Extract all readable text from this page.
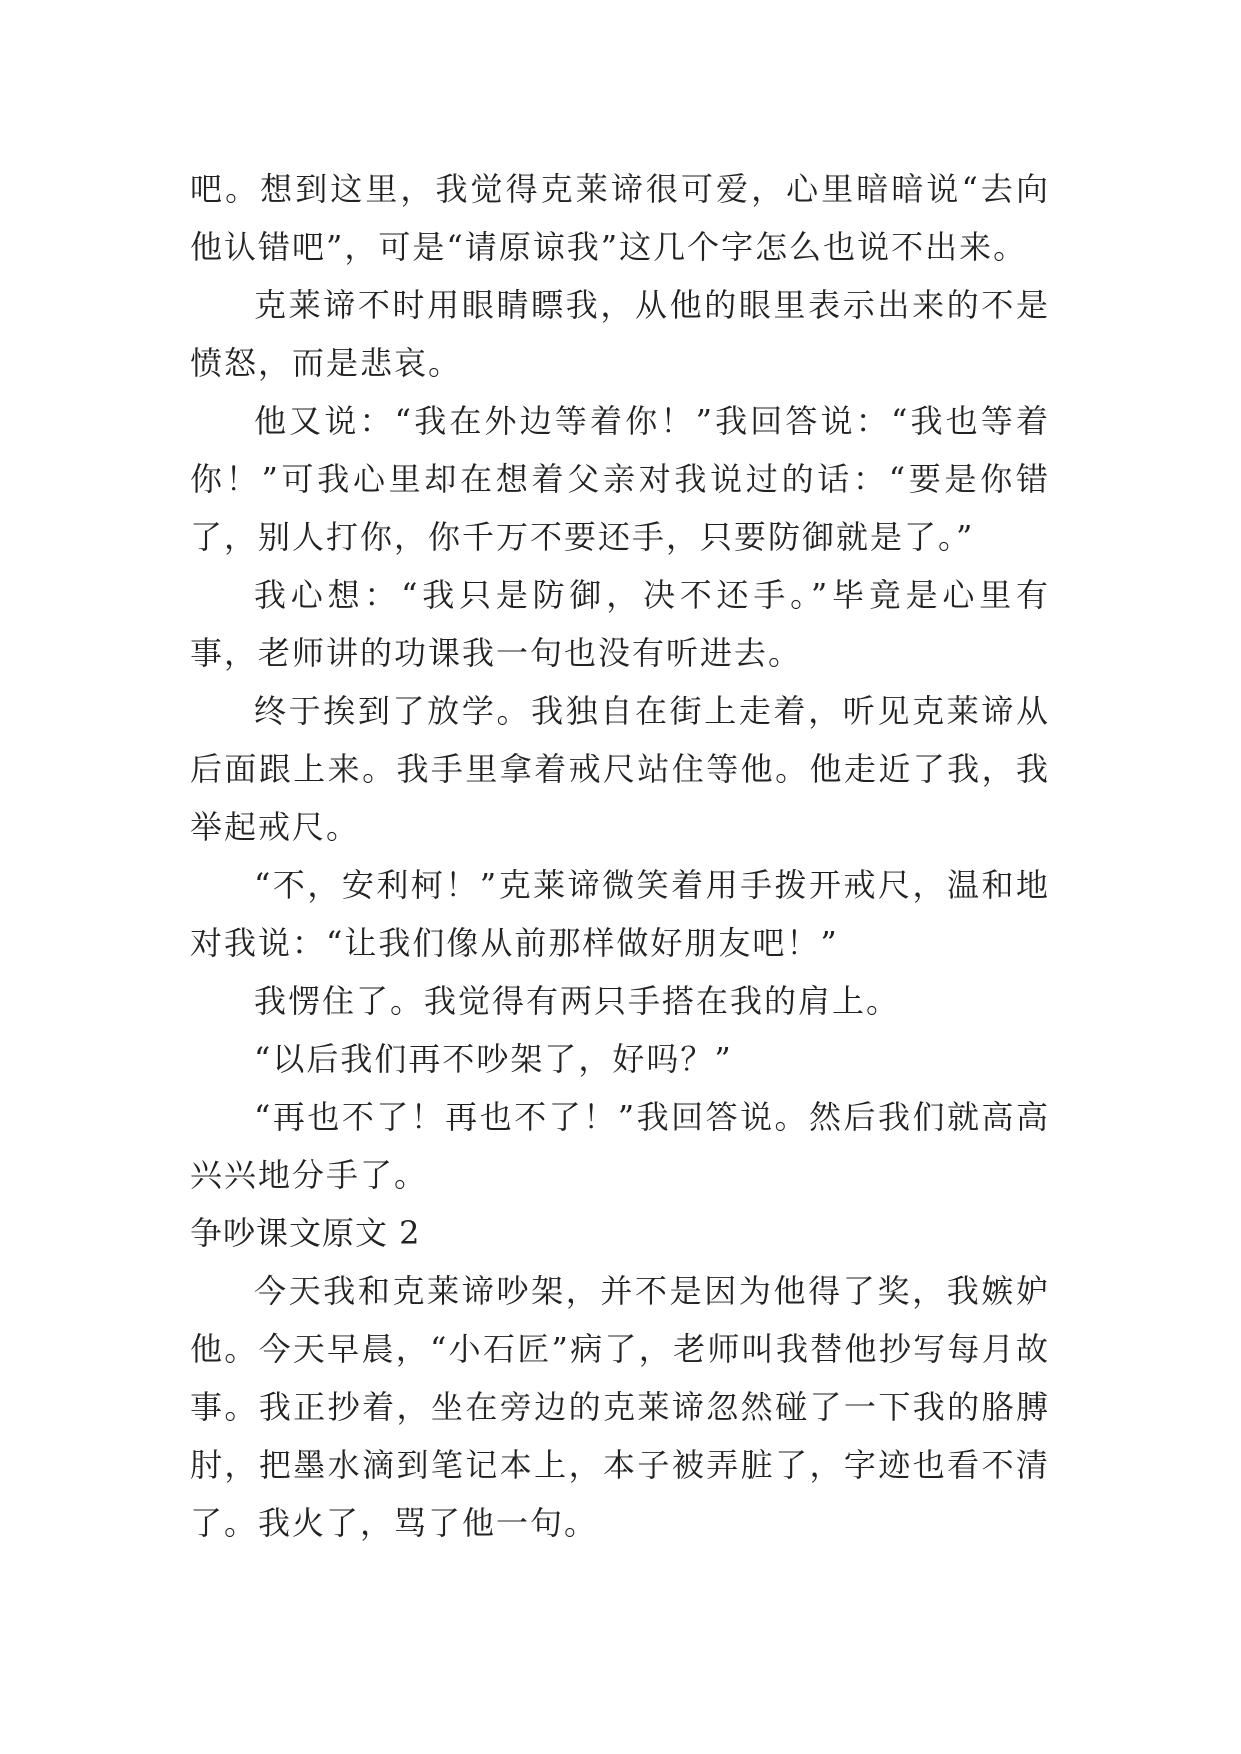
吧。想到这里，我觉得克莱谛很可爱，心里暗暗说“去向他认错吧”，可是“请原谅我”这几个字怎么也说不出来。

克莱谛不时用眼睛瞟我，从他的眼里表示出来的不是愤怒，而是悲哀。

他又说：“我在外边等着你！”我回答说：“我也等着你！”可我心里却在想着父亲对我说过的话：“要是你错了，别人打你，你千万不要还手，只要防御就是了。”

我心想：“我只是防御，决不还手。”毕竟是心里有事，老师讲的功课我一句也没有听进去。

终于挨到了放学。我独自在街上走着，听见克莱谛从后面跟上来。我手里拿着戒尺站住等他。他走近了我，我举起戒尺。

“不，安利柯！”克莱谛微笑着用手拨开戒尺，温和地对我说：“让我们像从前那样做好朋友吧！”

我愣住了。我觉得有两只手搭在我的肩上。

“以后我们再不吵架了，好吗？”

“再也不了！再也不了！”我回答说。然后我们就高高兴兴地分手了。

争吵课文原文 2

今天我和克莱谛吵架，并不是因为他得了奖，我嫉妒他。今天早晨，“小石匠”病了，老师叫我替他抄写每月故事。我正抄着，坐在旁边的克莱谛忽然碰了一下我的胳膊肘，把墨水滴到笔记本上，本子被弄脏了，字迹也看不清了。我火了，骂了他一句。
